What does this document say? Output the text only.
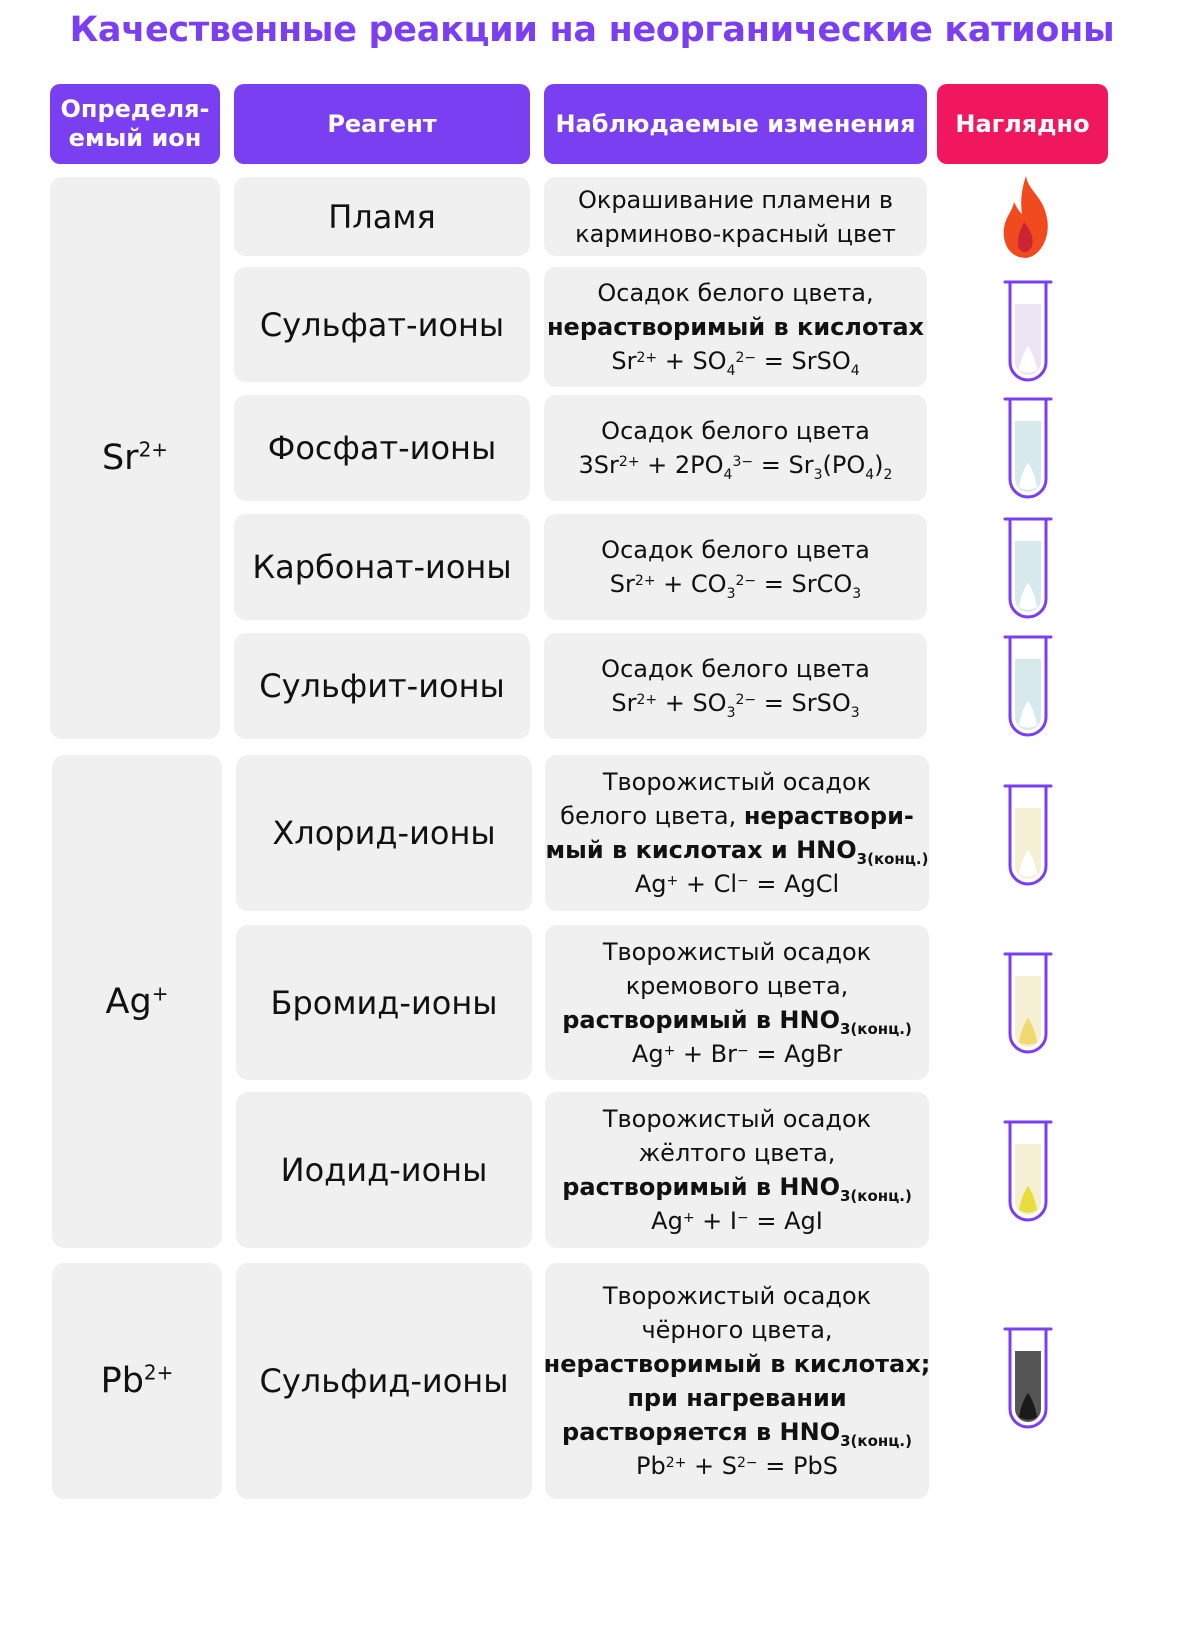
Качественные реакции на неорганические катионы
Определя-
емый ион
Реагент	Наблюдаемые изменения	Наглядно
$Sr^{2+}$
Ag+
$Pb^{2+}$
Пламя
Сульфат-ионы
Фосфат-ионы
Карбонат-ионы
Сульфит-ионы
Хлорид-ионы
Бромид-ионы
Иодид-ионы
Сульфид-ионы
Окрашивание пламени в
карминово-красный цвет
Осадок белого цвета,
нерастворимый в кислотах
$Sr^{2+} + SO_4^{2-}$ = SrSO$_4$
Осадок белого цвета
$3Sr^{2+} + 2PO_4^{3-} = Sr_3(PO_4)_2$
Осадок белого цвета
$Sr^{2+} + CO_3^{2-}$ = SrCO$_3$
Осадок белого цвета
$Sr^{2+} + SO_3^{2-}$ = SrSO$_3$
Творожистый осадок
белого цвета, нераствори-
мый в кислотах и $HNO_{3(конц.)}$
Ag+ + Cl− = AgCl
Творожистый осадок
кремового цвета,
растворимый в $HNO_{3(конц.)}$
Ag+ + Br− = AgBr
Творожистый осадок
жёлтого цвета,
растворимый в $HNO_{3(конц.)}$
Ag+ + I− = AgI
Творожистый осадок
чёрного цвета,
нерастворимый в кислотах;
при нагревании
растворяется в $HNO_{3(конц.)}$
$Pb^{2+} + S^{2-}$ = PbS
